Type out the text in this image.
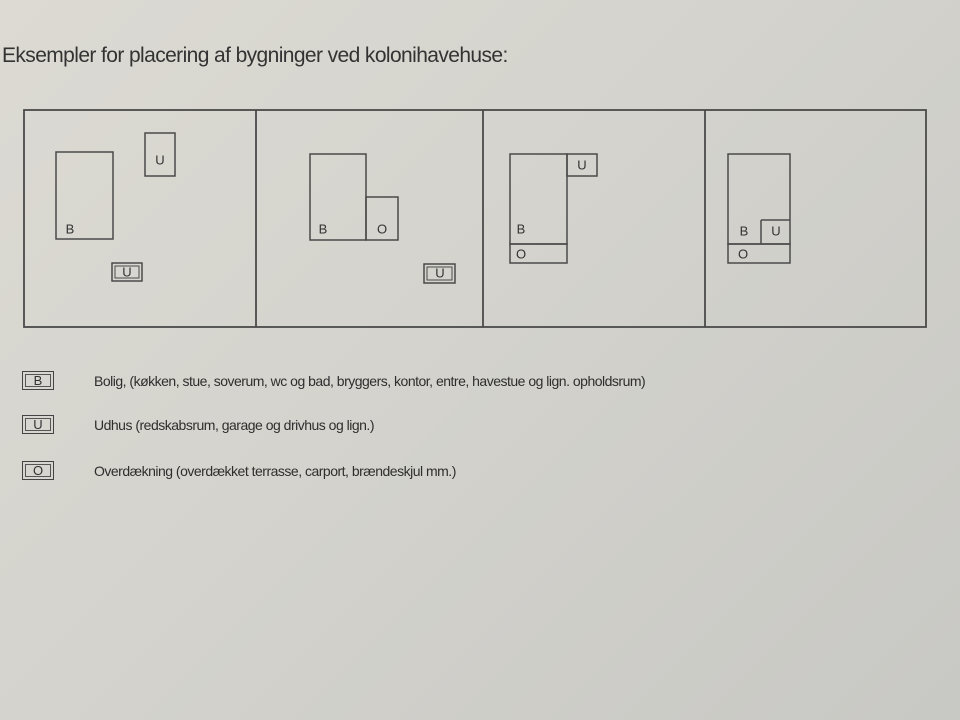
Eksempler for placering af bygninger ved kolonihavehuse:
B
U
U
B	O
U
U
B
O
B U
O
B	Bolig, (køkken, stue, soverum, wc og bad, bryggers, kontor, entre, havestue og lign. opholdsrum)
U	Udhus (redskabsrum, garage og drivhus og lign.)
O	Overdækning (overdækket terrasse, carport, brændeskjul mm.)
